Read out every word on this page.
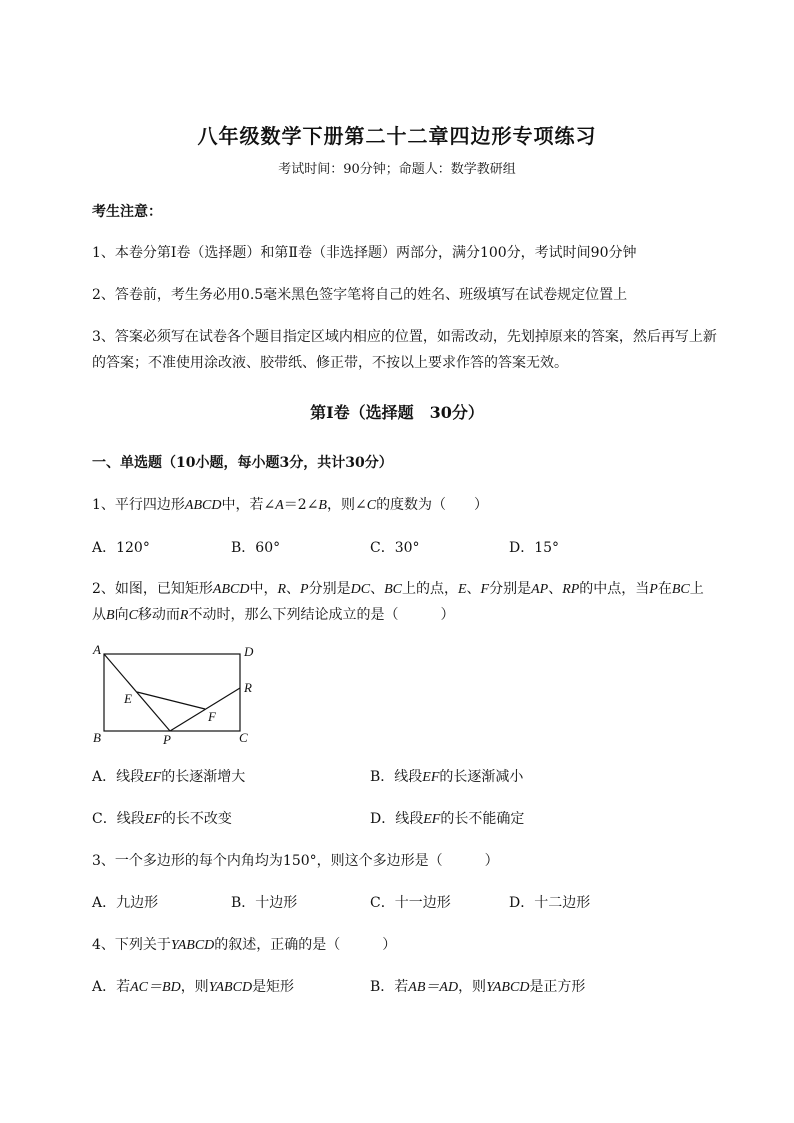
八年级数学下册第二十二章四边形专项练习
考试时间：90分钟；命题人：数学教研组
考生注意：
1、本卷分第I卷（选择题）和第Ⅱ卷（非选择题）两部分，满分100分，考试时间90分钟
2、答卷前，考生务必用0.5毫米黑色签字笔将自己的姓名、班级填写在试卷规定位置上
3、答案必须写在试卷各个题目指定区域内相应的位置，如需改动，先划掉原来的答案，然后再写上新
的答案；不准使用涂改液、胶带纸、修正带，不按以上要求作答的答案无效。
第I卷（选择题　30分）
一、单选题（10小题，每小题3分，共计30分）
1、平行四边形ABCD中，若∠A＝2∠B，则∠C的度数为（　　）
A．120°	B．60°	C．30°	D．15°
2、如图，已知矩形ABCD中，R、P分别是DC、BC上的点，E、F分别是AP、RP的中点，当P在BC上
从B向C移动而R不动时，那么下列结论成立的是（　　　）
A	D
E
R
F
B	P	C
A．线段EF的长逐渐增大	B．线段EF的长逐渐减小
C．线段EF的长不改变	D．线段EF的长不能确定
3、一个多边形的每个内角均为150°，则这个多边形是（　　　）
A．九边形	B．十边形	C．十一边形	D．十二边形
4、下列关于YABCD的叙述，正确的是（　　　）
A．若AC＝BD，则YABCD是矩形	B．若AB＝AD，则YABCD是正方形
